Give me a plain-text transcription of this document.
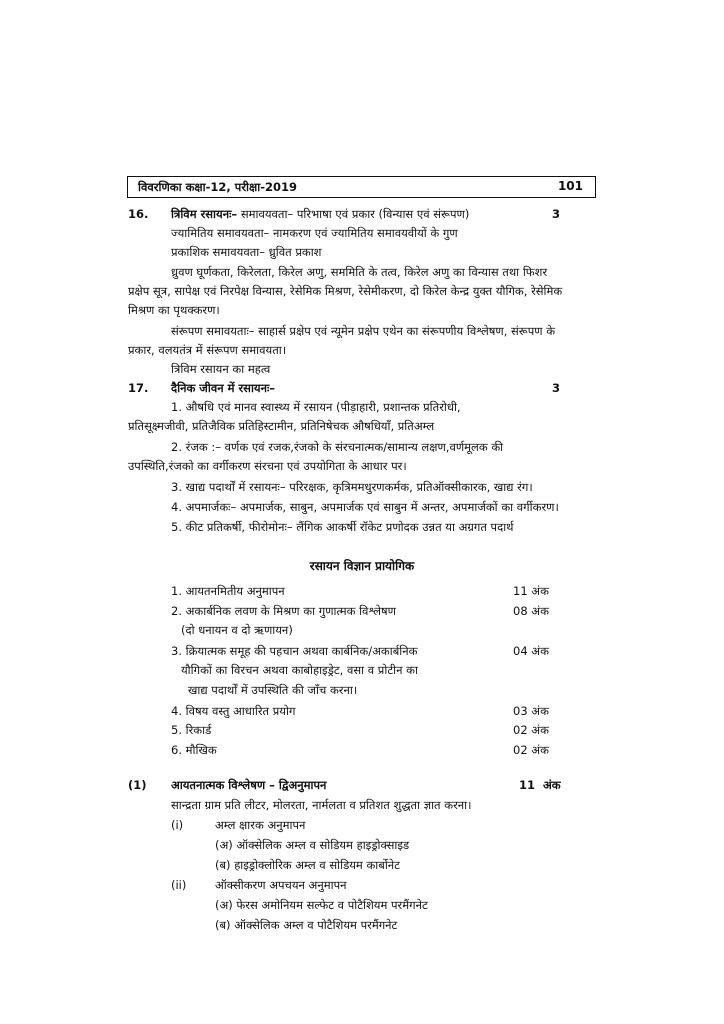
विवरणिका कक्षा-12, परीक्षा-2019	101
16. त्रिविम रसायनः– समावयवता– परिभाषा एवं प्रकार (विन्यास एवं संरूपण)	3
ज्यामितिय समावयवता– नामकरण एवं ज्यामितिय समावयवीयों के गुण
प्रकाशिक समावयवता– ध्रुवित प्रकाश
ध्रुवण घूर्णकता, किरेलता, किरेल अणु, सममिति के तत्व, किरेल अणु का विन्यास तथा फिशर
प्रक्षेप सूत्र, सापेक्ष एवं निरपेक्ष विन्यास, रेसेमिक मिश्रण, रेसेमीकरण, दो किरेल केन्द्र युक्त यौगिक, रेसेमिक
मिश्रण का पृथक्करण।
संरूपण समावयताः– साहार्स प्रक्षेप एवं न्यूमेन प्रक्षेप एथेन का संरूपणीय विश्लेषण, संरूपण के
प्रकार, वलयतंत्र में संरूपण समावयता।
त्रिविम रसायन का महत्व
17. दैनिक जीवन में रसायनः–	3
1. औषधि एवं मानव स्वास्थ्य में रसायन (पीड़ाहारी, प्रशान्तक प्रतिरोधी,
प्रतिसूक्ष्मजीवी, प्रतिजैविक प्रतिहिस्टामीन, प्रतिनिषेचक औषधियाँ, प्रतिअम्ल
2. रंजक :– वर्णक एवं रजक,रंजको के संरचनात्मक/सामान्य लक्षण,वर्णमूलक की
उपस्थिति,रंजको का वर्गीकरण संरचना एवं उपयोगिता के आधार पर।
3. खाद्य पदार्थों में रसायनः– परिरक्षक, कृत्रिममधुरणकर्मक, प्रतिऑक्सीकारक, खाद्य रंग।
4. अपमार्जकः– अपमार्जक, साबुन, अपमार्जक एवं साबुन में अन्तर, अपमार्जकों का वर्गीकरण।
5. कीट प्रतिकर्षी, फीरोमोनः– लैंगिक आकर्षी रॉकेट प्रणोदक उन्नत या अग्रगत पदार्थ
रसायन विज्ञान प्रायोगिक
1. आयतनमितीय अनुमापन	11 अंक
2. अकार्बनिक लवण के मिश्रण का गुणात्मक विश्लेषण	08 अंक
(दो धनायन व दो ऋणायन)
3. क्रियात्मक समूह की पहचान अथवा कार्बनिक/अकार्बनिक	04 अंक
यौगिकों का विरचन अथवा काबोहाइड्रेट, वसा व प्रोटीन का
खाद्य पदार्थों में उपस्थिति की जाँच करना।
4. विषय वस्तु आधारित प्रयोग	03 अंक
5. रिकार्ड	02 अंक
6. मौखिक	02 अंक
(1) आयतनात्मक विश्लेषण – द्विअनुमापन	11  अंक
सान्द्रता ग्राम प्रति लीटर, मोलरता, नार्मलता व प्रतिशत शुद्धता ज्ञात करना।
(i)	अम्ल क्षारक अनुमापन
(अ) ऑक्सेलिक अम्ल व सोडियम हाइड्रोक्साइड
(ब) हाइड्रोक्लोरिक अम्ल व सोडियम कार्बोनेट
(ii) ऑक्सीकरण अपचयन अनुमापन
(अ) फेरस अमोनियम सल्फेट व पोटैशियम परमैंगनेट
(ब) ऑक्सेलिक अम्ल व पोटैशियम परमैंगनेट
